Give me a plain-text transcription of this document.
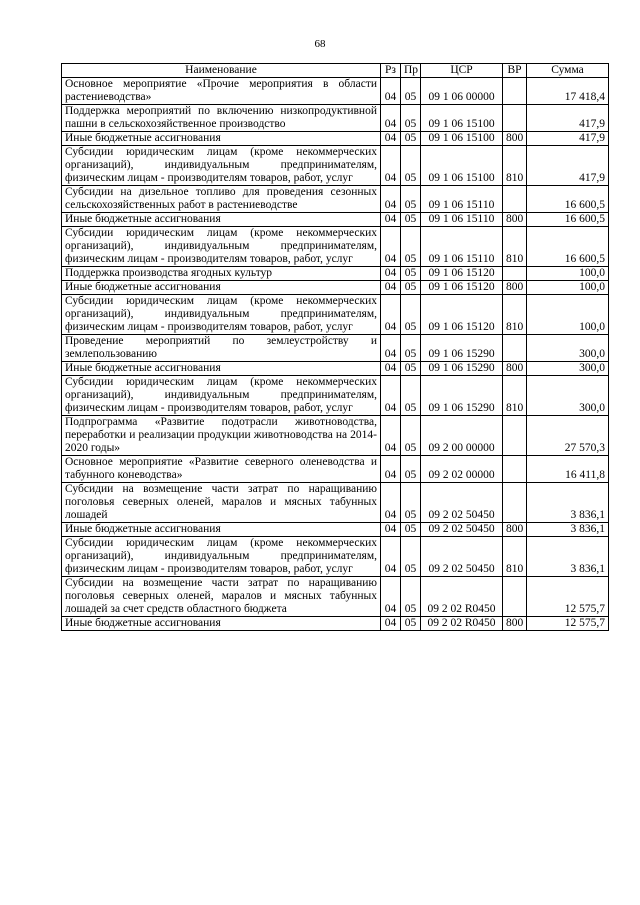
68
Наименование	Рз	Пр	ЦСР	ВР	Сумма
Основное мероприятие «Прочие мероприятия в области растениеводства»	04	05	09 1 06 00000		17 418,4
Поддержка мероприятий по включению низкопродуктивной пашни в сельскохозяйственное производство	04	05	09 1 06 15100		417,9
Иные бюджетные ассигнования	04	05	09 1 06 15100	800	417,9
Субсидии юридическим лицам (кроме некоммерческих организаций), индивидуальным предпринимателям, физическим лицам - производителям товаров, работ, услуг	04	05	09 1 06 15100	810	417,9
Субсидии на дизельное топливо для проведения сезонных сельскохозяйственных работ в растениеводстве	04	05	09 1 06 15110		16 600,5
Иные бюджетные ассигнования	04	05	09 1 06 15110	800	16 600,5
Субсидии юридическим лицам (кроме некоммерческих организаций), индивидуальным предпринимателям, физическим лицам - производителям товаров, работ, услуг	04	05	09 1 06 15110	810	16 600,5
Поддержка производства ягодных культур	04	05	09 1 06 15120		100,0
Иные бюджетные ассигнования	04	05	09 1 06 15120	800	100,0
Субсидии юридическим лицам (кроме некоммерческих организаций), индивидуальным предпринимателям, физическим лицам - производителям товаров, работ, услуг	04	05	09 1 06 15120	810	100,0
Проведение мероприятий по землеустройству и землепользованию	04	05	09 1 06 15290		300,0
Иные бюджетные ассигнования	04	05	09 1 06 15290	800	300,0
Субсидии юридическим лицам (кроме некоммерческих организаций), индивидуальным предпринимателям, физическим лицам - производителям товаров, работ, услуг	04	05	09 1 06 15290	810	300,0
Подпрограмма «Развитие подотрасли животноводства, переработки и реализации продукции животноводства на 2014-2020 годы»	04	05	09 2 00 00000		27 570,3
Основное мероприятие «Развитие северного оленеводства и табунного коневодства»	04	05	09 2 02 00000		16 411,8
Субсидии на возмещение части затрат по наращиванию поголовья северных оленей, маралов и мясных табунных лошадей	04	05	09 2 02 50450		3 836,1
Иные бюджетные ассигнования	04	05	09 2 02 50450	800	3 836,1
Субсидии юридическим лицам (кроме некоммерческих организаций), индивидуальным предпринимателям, физическим лицам - производителям товаров, работ, услуг	04	05	09 2 02 50450	810	3 836,1
Субсидии на возмещение части затрат по наращиванию поголовья северных оленей, маралов и мясных табунных лошадей за счет средств областного бюджета	04	05	09 2 02 R0450		12 575,7
Иные бюджетные ассигнования	04	05	09 2 02 R0450	800	12 575,7
